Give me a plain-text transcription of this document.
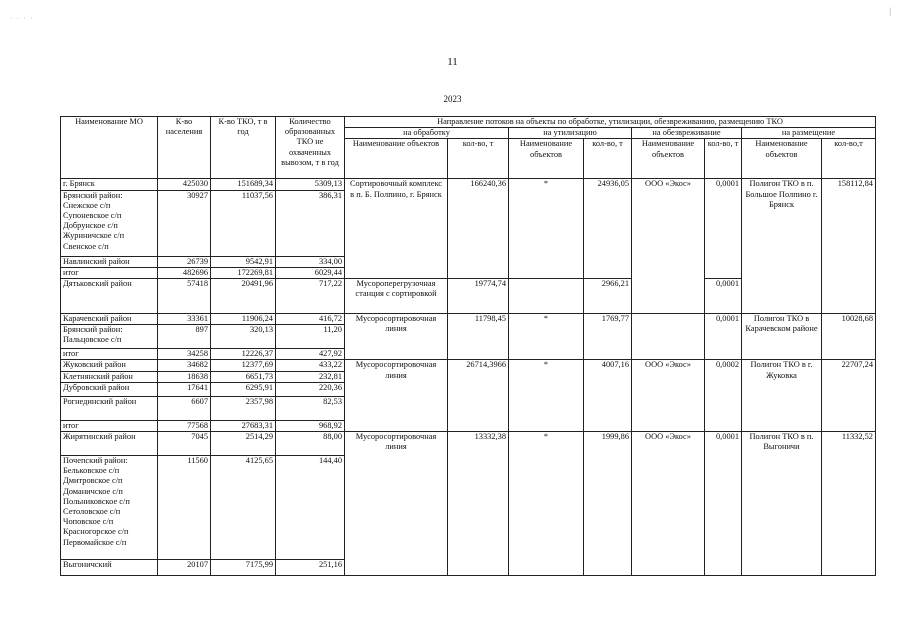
· · · ·
|
11
2023
Наименование МО	К-во населения	К-во ТКО, т в год	Количество образованных ТКО не охваченных вывозом, т в год	Направление потоков на объекты по обработке, утилизации, обезвреживанию, размещению ТКО							
				на обработку		на утилизацию		на обезвреживание		на размещение	
				Наименование объектов	кол-во, т	Наименование объектов	кол-во, т	Наименование объектов	кол-во, т	Наименование объектов	кол-во,т
г. Брянск	425030	151689,34	5309,13	Сортировочный комплекс в п. Б. Полпино, г. Брянск	166240,36	*	24936,05	ООО «Экос»	0,0001	Полигон ТКО в п. Большое Полпино г. Брянск	158112,84
Брянский район: Снежское с/п Супоневское с/п Добрунское с/п Журиничское с/п Свенское с/п	30927	11037,56	386,31								
Навлинский район	26739	9542,91	334,00								
итог	482696	172269,81	6029,44								
Дятьковский район	57418	20491,96	717,22	Мусороперегрузочная станция с сортировкой	19774,74		2966,21		0,0001		
Карачевский район	33361	11906,24	416,72	Мусоросортировочная линия	11798,45	*	1769,77		0,0001	Полигон ТКО в Карачевском районе	10028,68
Брянский район: Пальцовское с/п	897	320,13	11,20								
итог	34258	12226,37	427,92								
Жуковский район	34682	12377,69	433,22	Мусоросортировочная линия	26714,3966	*	4007,16	ООО «Экос»	0,0002	Полигон ТКО в г. Жуковка	22707,24
Клетнянский район	18638	6651,73	232,81								
Дубровский район	17641	6295,91	220,36								
Рогнединский район	6607	2357,98	82,53								
итог	77568	27683,31	968,92								
Жирятинский район	7045	2514,29	88,00	Мусоросортировочная линия	13332,38	*	1999,86	ООО «Экос»	0,0001	Полигон ТКО в п. Выгоничи	11332,52
Почепский район: Бельковское с/п Дмитровское с/п Доманичское с/п Польниковское с/п Сетоловское с/п Чоповское с/п Красногорское с/п Первомайское с/п	11560	4125,65	144,40								
Выгоничский	20107	7175,99	251,16								
